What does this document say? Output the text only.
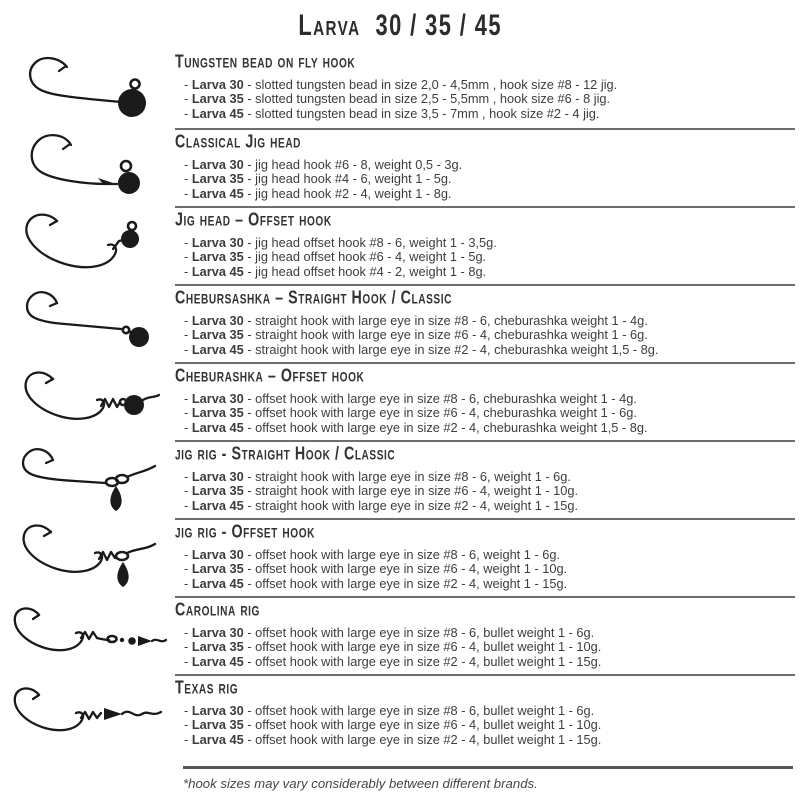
Larva  30 / 35 / 45
Tungsten bead on fly hook
- Larva 30 - slotted tungsten bead in size 2,0 - 4,5mm , hook size #8 - 12 jig.
- Larva 35 - slotted tungsten bead in size 2,5 - 5,5mm , hook size #6 - 8 jig.
- Larva 45 - slotted tungsten bead in size 3,5 - 7mm , hook size #2 - 4 jig.
Classical Jig head
- Larva 30 - jig head hook #6 - 8, weight 0,5 - 3g.
- Larva 35 - jig head hook #4 - 6, weight 1 - 5g.
- Larva 45 - jig head hook #2 - 4, weight 1 - 8g.
Jig head – Offset hook
- Larva 30 - jig head offset hook #8 - 6, weight 1 - 3,5g.
- Larva 35 - jig head offset hook #6 - 4, weight 1 - 5g.
- Larva 45 - jig head offset hook #4 - 2, weight 1 - 8g.
Chebursashka – Straight Hook / Classic
- Larva 30 - straight hook with large eye in size #8 - 6, cheburashka weight 1 - 4g.
- Larva 35 - straight hook with large eye in size #6 - 4, cheburashka weight 1 - 6g.
- Larva 45 - straight hook with large eye in size #2 - 4, cheburashka weight 1,5 - 8g.
Cheburashka – Offset hook
- Larva 30 - offset hook with large eye in size #8 - 6, cheburashka weight 1 - 4g.
- Larva 35 - offset hook with large eye in size #6 - 4, cheburashka weight 1 - 6g.
- Larva 45 - offset hook with large eye in size #2 - 4, cheburashka weight 1,5 - 8g.
jig rig - Straight Hook / Classic
- Larva 30 - straight hook with large eye in size #8 - 6, weight 1 - 6g.
- Larva 35 - straight hook with large eye in size #6 - 4, weight 1 - 10g.
- Larva 45 - straight hook with large eye in size #2 - 4, weight 1 - 15g.
jig rig - Offset hook
- Larva 30 - offset hook with large eye in size #8 - 6, weight 1 - 6g.
- Larva 35 - offset hook with large eye in size #6 - 4, weight 1 - 10g.
- Larva 45 - offset hook with large eye in size #2 - 4, weight 1 - 15g.
Carolina rig
- Larva 30 - offset hook with large eye in size #8 - 6, bullet weight 1 - 6g.
- Larva 35 - offset hook with large eye in size #6 - 4, bullet weight 1 - 10g.
- Larva 45 - offset hook with large eye in size #2 - 4, bullet weight 1 - 15g.
Texas rig
- Larva 30 - offset hook with large eye in size #8 - 6, bullet weight 1 - 6g.
- Larva 35 - offset hook with large eye in size #6 - 4, bullet weight 1 - 10g.
- Larva 45 - offset hook with large eye in size #2 - 4, bullet weight 1 - 15g.
*hook sizes may vary considerably between different brands.
